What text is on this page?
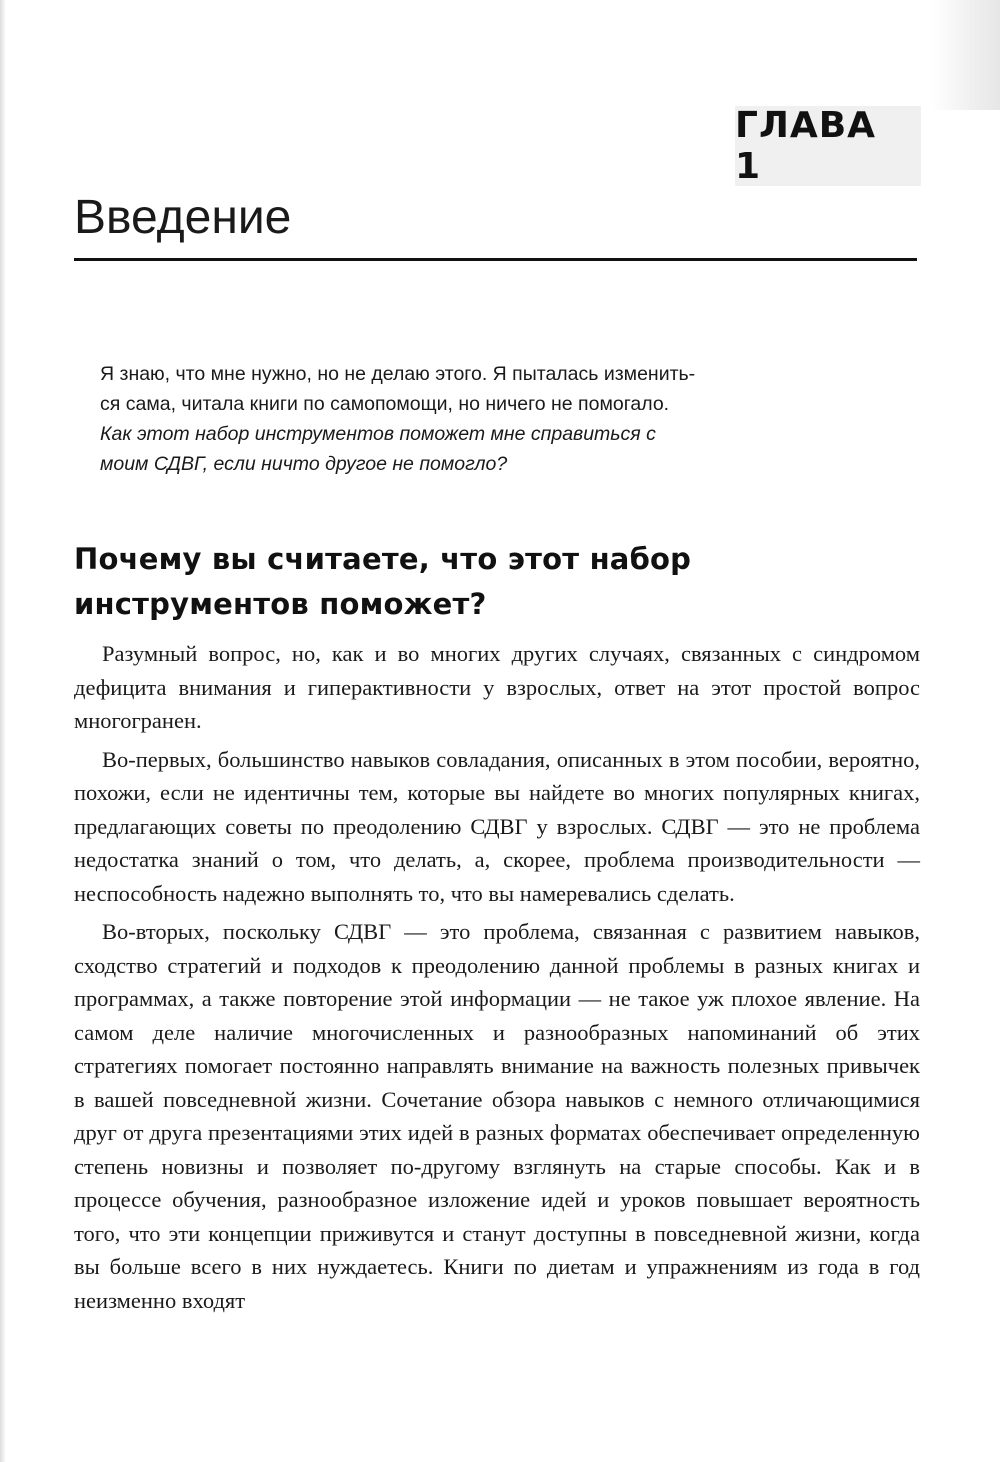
ГЛАВА 1
Введение

Я знаю, что мне нужно, но не делаю этого. Я пыталась изменить-

ся сама, читала книги по самопомощи, но ничего не помогало.

Как этот набор инструментов поможет мне справиться с

моим СДВГ, если ничто другое не помогло?

Почему вы считаете, что этот набор
инструментов поможет?

Разумный вопрос, но, как и во многих других случаях, связанных с синдромом дефицита внимания и гиперактивности у взрослых, ответ на этот простой вопрос многогранен.

Во-первых, большинство навыков совладания, описанных в этом пособии, вероятно, похожи, если не идентичны тем, которые вы найдете во многих популярных книгах, предлагающих советы по преодолению СДВГ у взрослых. СДВГ — это не проблема недостатка знаний о том, что делать, а, скорее, проблема производительности — неспособность надежно выполнять то, что вы намеревались сделать.

Во-вторых, поскольку СДВГ — это проблема, связанная с развитием навыков, сходство стратегий и подходов к преодолению данной проблемы в разных книгах и программах, а также повторение этой информации — не такое уж плохое явление. На самом деле наличие многочисленных и разнообразных напоминаний об этих стратегиях помогает постоянно направлять внимание на важность полезных привычек в вашей повседневной жизни. Сочетание обзора навыков с немного отличающимися друг от друга презентациями этих идей в разных форматах обеспечивает определенную степень новизны и позволяет по-другому взглянуть на старые способы. Как и в процессе обучения, разнообразное изложение идей и уроков повышает вероятность того, что эти концепции приживутся и станут доступны в повседневной жизни, когда вы больше всего в них нуждаетесь. Книги по диетам и упражнениям из года в год неизменно входят
